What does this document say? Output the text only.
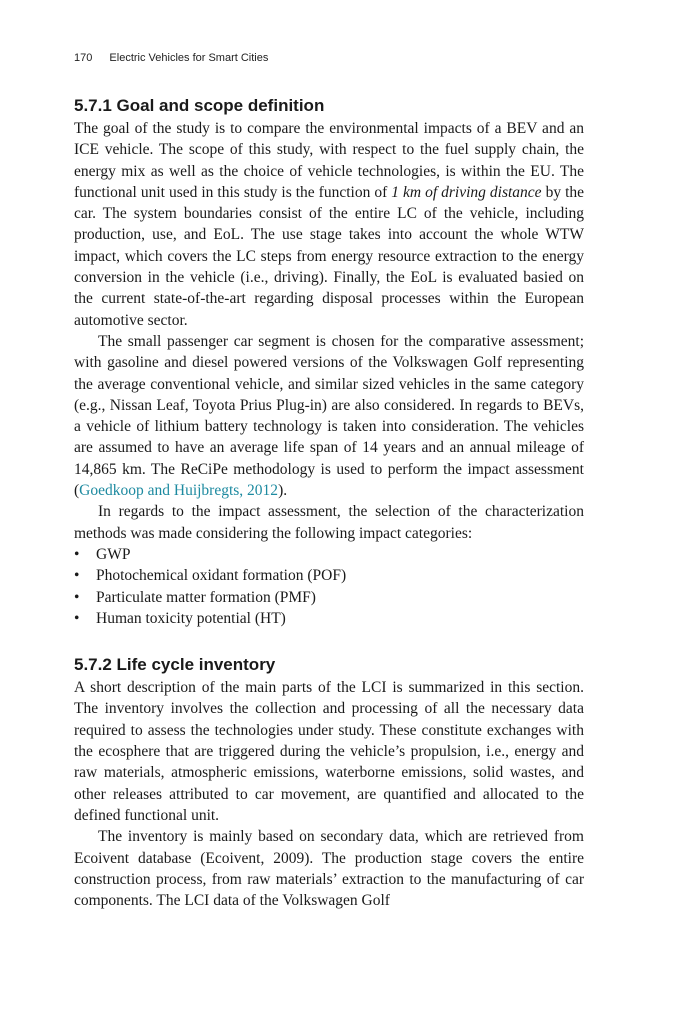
170 Electric Vehicles for Smart Cities
5.7.1 Goal and scope definition

The goal of the study is to compare the environmental impacts of a BEV and an ICE vehicle. The scope of this study, with respect to the fuel supply chain, the energy mix as well as the choice of vehicle technologies, is within the EU. The functional unit used in this study is the function of 1 km of driving distance by the car. The system boundaries consist of the entire LC of the vehicle, including production, use, and EoL. The use stage takes into account the whole WTW impact, which covers the LC steps from energy resource extraction to the energy conversion in the vehicle (i.e., driving). Finally, the EoL is evaluated basied on the current state-of-the-art regarding disposal processes within the European automotive sector.

The small passenger car segment is chosen for the comparative assessment; with gasoline and diesel powered versions of the Volkswagen Golf representing the average conventional vehicle, and similar sized vehicles in the same category (e.g., Nissan Leaf, Toyota Prius Plug-in) are also considered. In regards to BEVs, a vehicle of lithium battery technology is taken into consideration. The vehicles are assumed to have an average life span of 14 years and an annual mileage of 14,865 km. The ReCiPe methodology is used to perform the impact assessment (Goedkoop and Huijbregts, 2012).

In regards to the impact assessment, the selection of the characterization methods was made considering the following impact categories:

• GWP
• Photochemical oxidant formation (POF)
• Particulate matter formation (PMF)
• Human toxicity potential (HT)
5.7.2 Life cycle inventory

A short description of the main parts of the LCI is summarized in this section. The inventory involves the collection and processing of all the necessary data required to assess the technologies under study. These constitute exchanges with the ecosphere that are triggered during the vehicle’s propulsion, i.e., energy and raw materials, atmospheric emissions, waterborne emissions, solid wastes, and other releases attributed to car movement, are quantified and allocated to the defined functional unit.

The inventory is mainly based on secondary data, which are retrieved from Ecoivent database (Ecoivent, 2009). The production stage covers the entire construction process, from raw materials’ extraction to the manufacturing of car components. The LCI data of the Volkswagen Golf
